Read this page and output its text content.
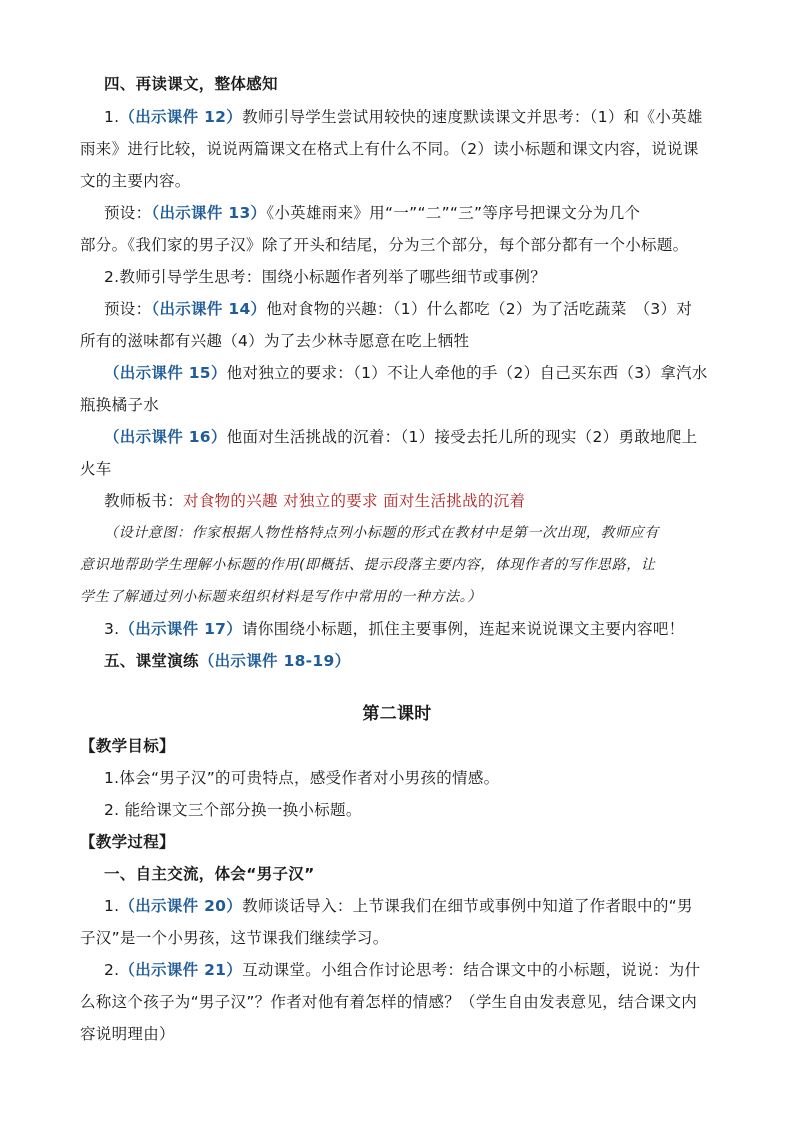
四、再读课文，整体感知
1.（出示课件 12）教师引导学生尝试用较快的速度默读课文并思考：（1）和《小英雄
雨来》进行比较，说说两篇课文在格式上有什么不同。（2）读小标题和课文内容，说说课
文的主要内容。
预设：（出示课件 13）《小英雄雨来》用“一”“二”“三”等序号把课文分为几个
部分。《我们家的男子汉》除了开头和结尾，分为三个部分，每个部分都有一个小标题。
2.教师引导学生思考：围绕小标题作者列举了哪些细节或事例？
预设：（出示课件 14）他对食物的兴趣：（1）什么都吃（2）为了活吃蔬菜　（3）对
所有的滋味都有兴趣（4）为了去少林寺愿意在吃上牺牲
（出示课件 15）他对独立的要求：（1）不让人牵他的手（2）自己买东西（3）拿汽水
瓶换橘子水
（出示课件 16）他面对生活挑战的沉着：（1）接受去托儿所的现实（2）勇敢地爬上
火车
教师板书：对食物的兴趣 对独立的要求 面对生活挑战的沉着
（设计意图：作家根据人物性格特点列小标题的形式在教材中是第一次出现，教师应有
意识地帮助学生理解小标题的作用(即概括、提示段落主要内容，体现作者的写作思路，让
学生了解通过列小标题来组织材料是写作中常用的一种方法。）
3.（出示课件 17）请你围绕小标题，抓住主要事例，连起来说说课文主要内容吧！
五、课堂演练（出示课件 18-19）
第二课时
【教学目标】
1.体会“男子汉”的可贵特点，感受作者对小男孩的情感。
2. 能给课文三个部分换一换小标题。
【教学过程】
一、自主交流，体会“男子汉”
1.（出示课件 20）教师谈话导入：上节课我们在细节或事例中知道了作者眼中的“男
子汉”是一个小男孩，这节课我们继续学习。
2.（出示课件 21）互动课堂。小组合作讨论思考：结合课文中的小标题，说说：为什
么称这个孩子为“男子汉”？作者对他有着怎样的情感？（学生自由发表意见，结合课文内
容说明理由）
